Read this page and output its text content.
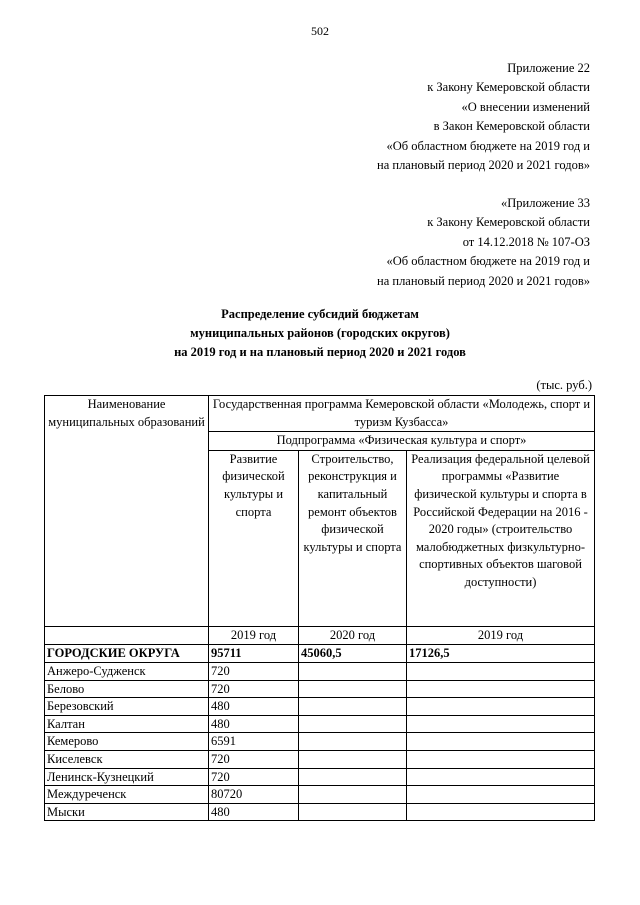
502
Приложение 22
к Закону Кемеровской области
«О внесении изменений
в Закон Кемеровской области
«Об областном бюджете на 2019 год и
на плановый период 2020 и 2021 годов»
«Приложение 33
к Закону Кемеровской области
от 14.12.2018 № 107-ОЗ
«Об областном бюджете на 2019 год и
на плановый период 2020 и 2021 годов»
Распределение субсидий бюджетам
муниципальных районов (городских округов)
на 2019 год и на плановый период 2020 и 2021 годов
(тыс. руб.)
Наименование муниципальных образований	Государственная программа Кемеровской области «Молодежь, спорт и туризм Кузбасса»		
	Подпрограмма «Физическая культура и спорт»		
	Развитие физической культуры и спорта	Строительство, реконструкция и капитальный ремонт объектов физической культуры и спорта	Реализация федеральной целевой программы «Развитие физической культуры и спорта в Российской Федерации на 2016 - 2020 годы» (строительство малобюджетных физкультурно-спортивных объектов шаговой доступности)
	2019 год	2020 год	2019 год
ГОРОДСКИЕ ОКРУГА	95711	45060,5	17126,5
Анжеро-Судженск	720		
Белово	720		
Березовский	480		
Калтан	480		
Кемерово	6591		
Киселевск	720		
Ленинск-Кузнецкий	720		
Междуреченск	80720		
Мыски	480		
